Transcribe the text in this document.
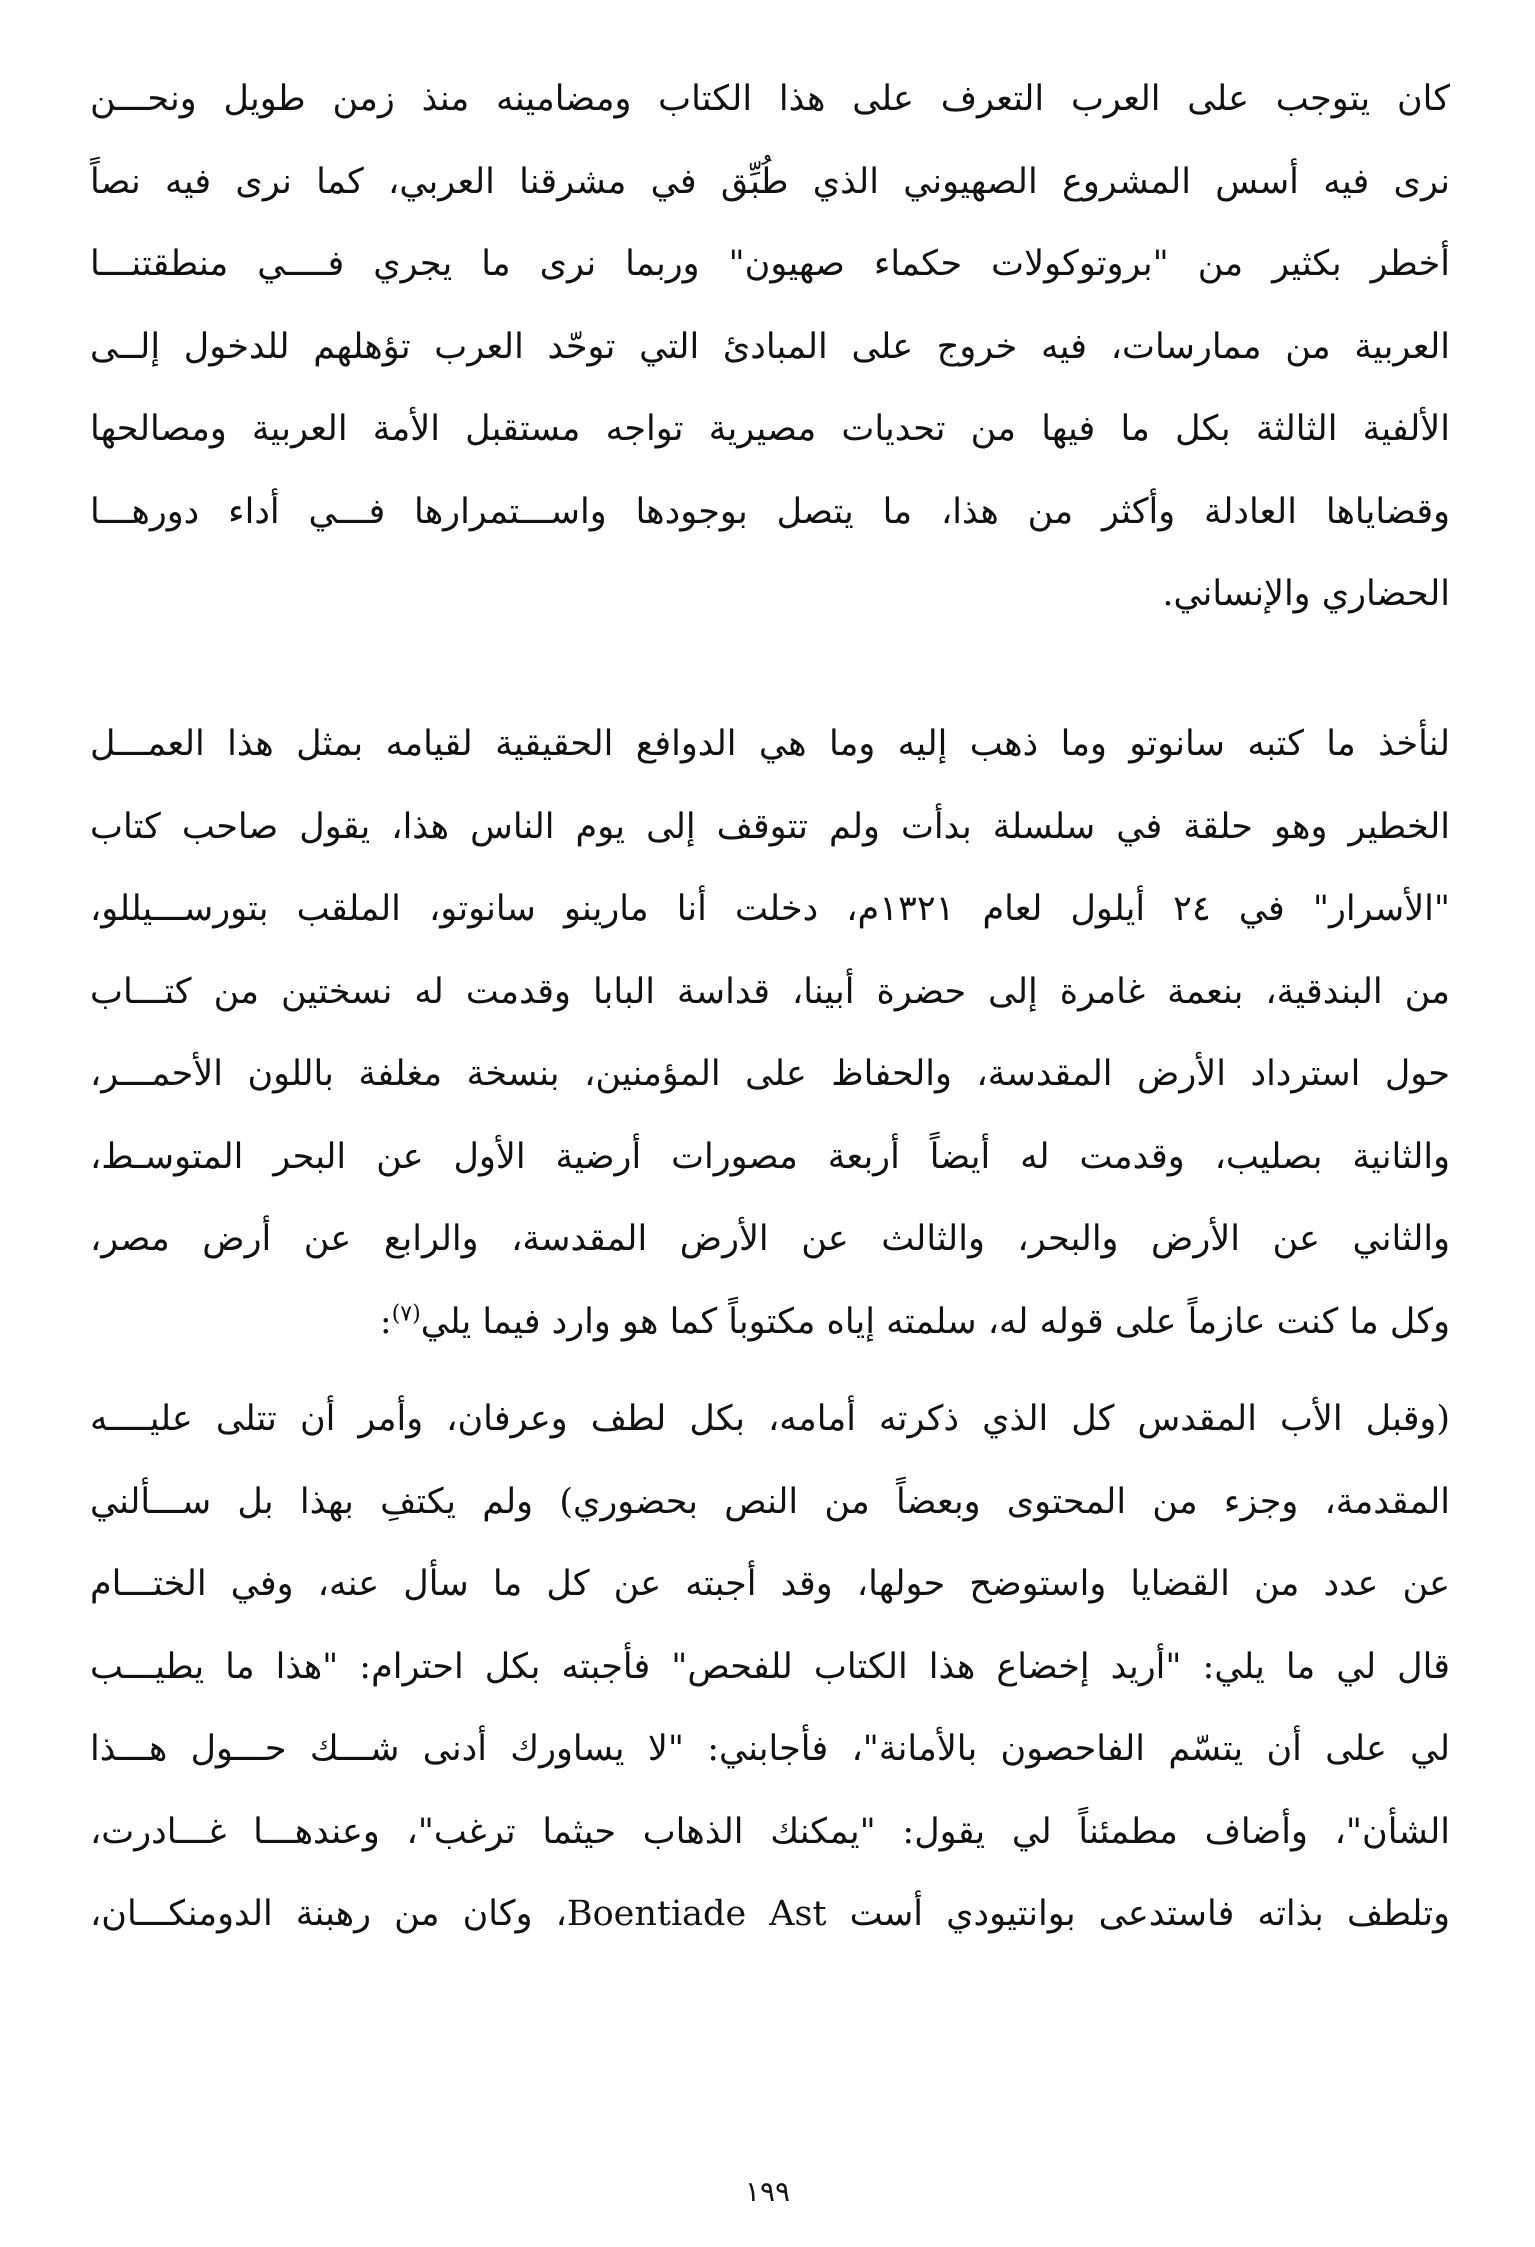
كان يتوجب على العرب التعرف على هذا الكتاب ومضامينه منذ زمن طويل ونحـــن
نرى فيه أسس المشروع الصهيوني الذي طُبِّق في مشرقنا العربي، كما نرى فيه نصاً
أخطر بكثير من "بروتوكولات حكماء صهيون" وربما نرى ما يجري فــــي منطقتنـــا
العربية من ممارسات، فيه خروج على المبادئ التي توحّد العرب تؤهلهم للدخول إلــى
الألفية الثالثة بكل ما فيها من تحديات مصيرية تواجه مستقبل الأمة العربية ومصالحها
وقضاياها العادلة وأكثر من هذا، ما يتصل بوجودها واســـتمرارها فـــي أداء دورهـــا
الحضاري والإنساني.
لنأخذ ما كتبه سانوتو وما ذهب إليه وما هي الدوافع الحقيقية لقيامه بمثل هذا العمـــل
الخطير وهو حلقة في سلسلة بدأت ولم تتوقف إلى يوم الناس هذا، يقول صاحب كتاب
"الأسرار" في ٢٤ أيلول لعام ١٣٢١م، دخلت أنا مارينو سانوتو، الملقب بتورســـيللو،
من البندقية، بنعمة غامرة إلى حضرة أبينا، قداسة البابا وقدمت له نسختين من كتـــاب
حول استرداد الأرض المقدسة، والحفاظ على المؤمنين، بنسخة مغلفة باللون الأحمـــر،
والثانية بصليب، وقدمت له أيضاً أربعة مصورات أرضية الأول عن البحر المتوسـط،
والثاني عن الأرض والبحر، والثالث عن الأرض المقدسة، والرابع عن أرض مصر،
وكل ما كنت عازماً على قوله له، سلمته إياه مكتوباً كما هو وارد فيما يلي$^{(٧)}$:
(وقبل الأب المقدس كل الذي ذكرته أمامه، بكل لطف وعرفان، وأمر أن تتلى عليــــه
المقدمة، وجزء من المحتوى وبعضاً من النص بحضوري) ولم يكتفِ بهذا بل ســـألني
عن عدد من القضايا واستوضح حولها، وقد أجبته عن كل ما سأل عنه، وفي الختـــام
قال لي ما يلي: "أريد إخضاع هذا الكتاب للفحص" فأجبته بكل احترام: "هذا ما يطيـــب
لي على أن يتسّم الفاحصون بالأمانة"، فأجابني: "لا يساورك أدنى شـــك حـــول هـــذا
الشأن"، وأضاف مطمئناً لي يقول: "يمكنك الذهاب حيثما ترغب"، وعندهـــا غـــادرت،
وتلطف بذاته فاستدعى بوانتيودي أست Boentiade Ast، وكان من رهبنة الدومنكـــان،
١٩٩
